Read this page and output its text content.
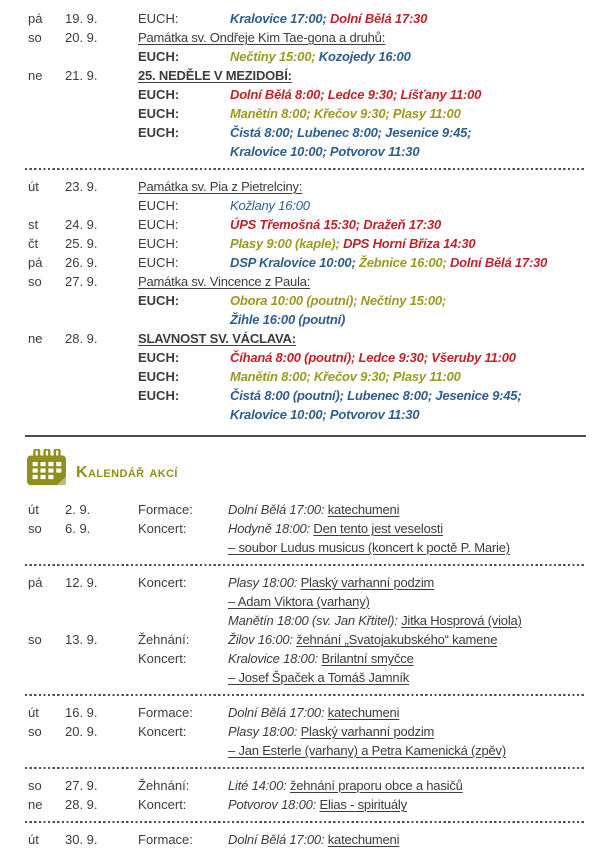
pá	19. 9.	EUCH:	Kralovice 17:00; Dolní Bělá 17:30
so	20. 9.	Památka sv. Ondřeje Kim Tae-gona a druhů:
EUCH:	Nečtiny 15:00; Kozojedy 16:00
ne	21. 9.	25. NEDĚLE V MEZIDOBÍ:
EUCH:	Dolní Bělá 8:00; Ledce 9:30; Líšťany 11:00
EUCH:	Manětín 8:00; Křečov 9:30; Plasy 11:00
EUCH:	Čistá 8:00; Lubenec 8:00; Jesenice 9:45;
Kralovice 10:00; Potvorov 11:30
út	23. 9.	Památka sv. Pia z Pietrelciny:
EUCH:	Kožlany 16:00
st	24. 9.	EUCH:	ÚPS Třemošná 15:30; Dražeň 17:30
čt	25. 9.	EUCH:	Plasy 9:00 (kaple); DPS Horní Bříza 14:30
pá	26. 9.	EUCH:	DSP Kralovice 10:00; Žebnice 16:00; Dolní Bělá 17:30
so	27. 9.	Památka sv. Vincence z Paula:
EUCH:	Obora 10:00 (poutní); Nečtiny 15:00;
Žihle 16:00 (poutní)
ne	28. 9.	SLAVNOST SV. VÁCLAVA:
EUCH:	Číhaná 8:00 (poutní); Ledce 9:30; Všeruby 11:00
EUCH:	Manětín 8:00; Křečov 9:30; Plasy 11:00
EUCH:	Čistá 8:00 (poutní); Lubenec 8:00; Jesenice 9:45;
Kralovice 10:00; Potvorov 11:30
Kalendář akcí
út	2. 9.	Formace:	Dolní Bělá 17:00: katechumeni
so	6. 9.	Koncert:	Hodyně 18:00: Den tento jest veselosti
– soubor Ludus musicus (koncert k poctě P. Marie)
pá	12. 9.	Koncert:	Plasy 18:00: Plaský varhanní podzim
– Adam Viktora (varhany)
Manětín 18:00 (sv. Jan Křtitel): Jitka Hosprová (viola)
so	13. 9.	Žehnání:	Žilov 16:00: žehnání „Svatojakubského“ kamene
Koncert:	Kralovice 18:00: Brilantní smyčce
– Josef Špaček a Tomáš Jamník
út	16. 9.	Formace:	Dolní Bělá 17:00: katechumeni
so	20. 9.	Koncert:	Plasy 18:00: Plaský varhanní podzim
– Jan Esterle (varhany) a Petra Kamenická (zpěv)
so	27. 9.	Žehnání:	Lité 14:00: žehnání praporu obce a hasičů
ne	28. 9.	Koncert:	Potvorov 18:00: Elias - spirituály
út	30. 9.	Formace:	Dolní Bělá 17:00: katechumeni
